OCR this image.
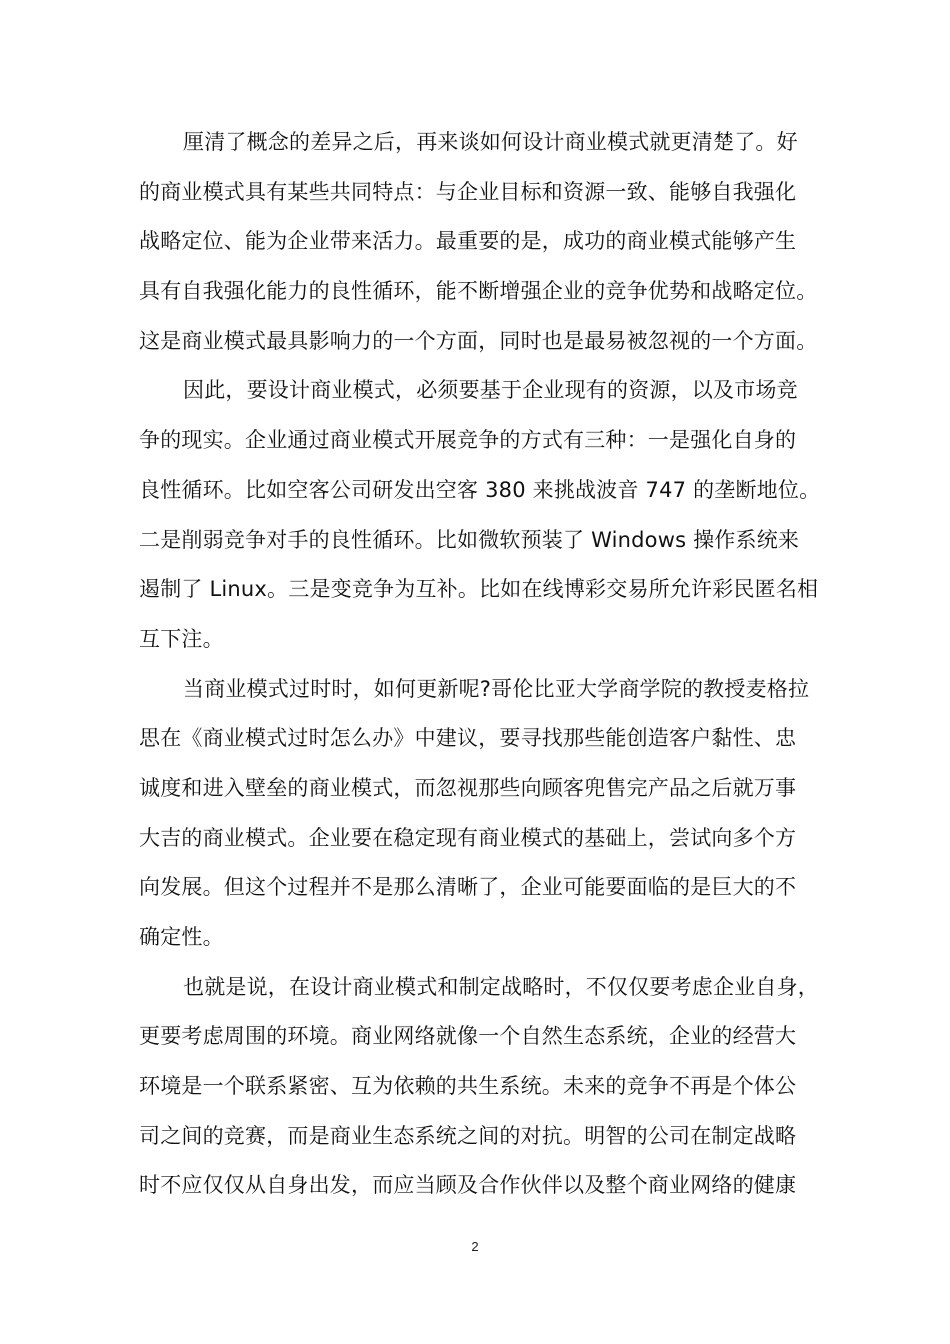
厘清了概念的差异之后，再来谈如何设计商业模式就更清楚了。好
的商业模式具有某些共同特点：与企业目标和资源一致、能够自我强化
战略定位、能为企业带来活力。最重要的是，成功的商业模式能够产生
具有自我强化能力的良性循环，能不断增强企业的竞争优势和战略定位。
这是商业模式最具影响力的一个方面，同时也是最易被忽视的一个方面。
因此，要设计商业模式，必须要基于企业现有的资源，以及市场竞
争的现实。企业通过商业模式开展竞争的方式有三种：一是强化自身的
良性循环。比如空客公司研发出空客 380 来挑战波音 747 的垄断地位。
二是削弱竞争对手的良性循环。比如微软预装了 Windows 操作系统来
遏制了 Linux。三是变竞争为互补。比如在线博彩交易所允许彩民匿名相
互下注。
当商业模式过时时，如何更新呢?哥伦比亚大学商学院的教授麦格拉
思在《商业模式过时怎么办》中建议，要寻找那些能创造客户黏性、忠
诚度和进入壁垒的商业模式，而忽视那些向顾客兜售完产品之后就万事
大吉的商业模式。企业要在稳定现有商业模式的基础上，尝试向多个方
向发展。但这个过程并不是那么清晰了，企业可能要面临的是巨大的不
确定性。
也就是说，在设计商业模式和制定战略时，不仅仅要考虑企业自身，
更要考虑周围的环境。商业网络就像一个自然生态系统，企业的经营大
环境是一个联系紧密、互为依赖的共生系统。未来的竞争不再是个体公
司之间的竞赛，而是商业生态系统之间的对抗。明智的公司在制定战略
时不应仅仅从自身出发，而应当顾及合作伙伴以及整个商业网络的健康
2
